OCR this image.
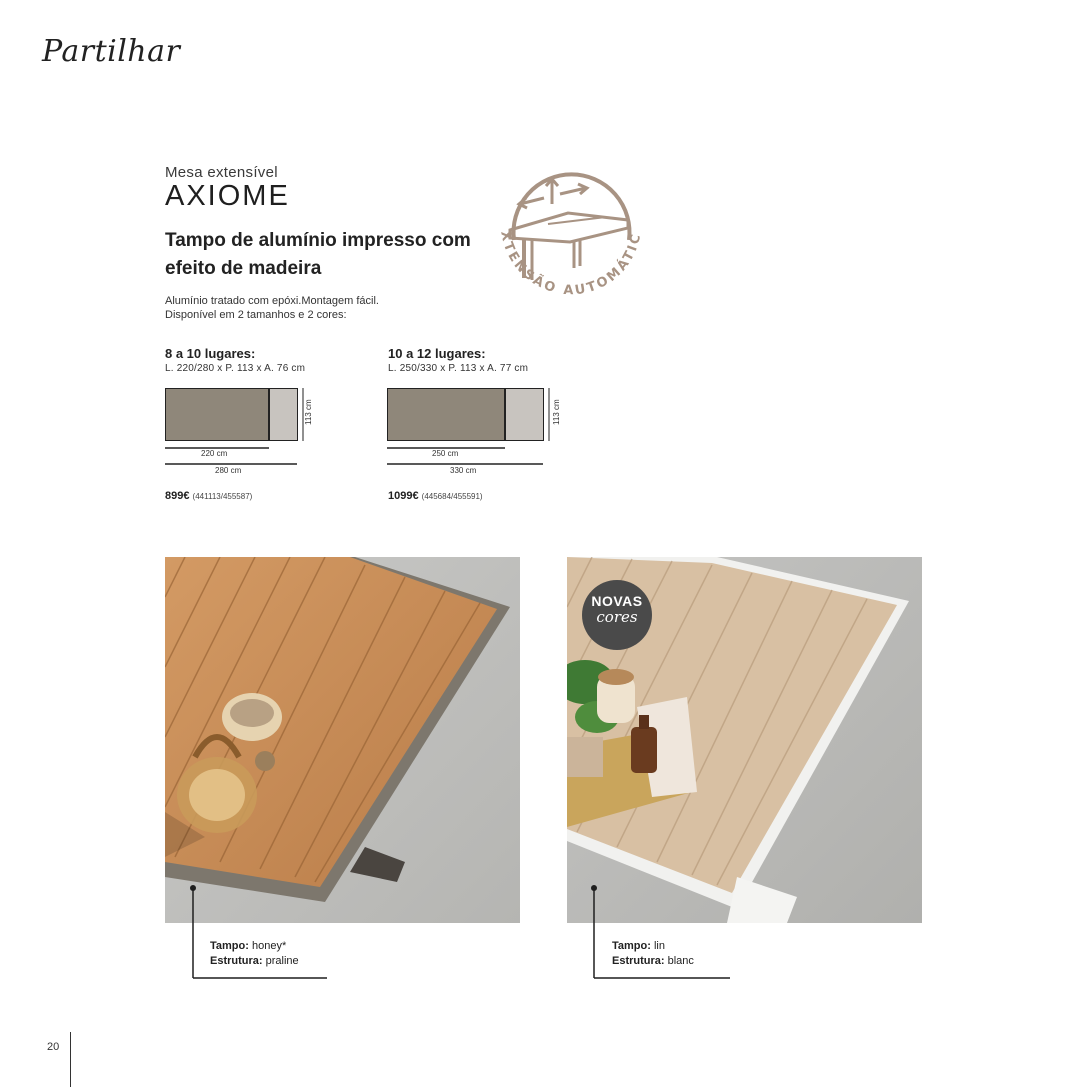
Partilhar
Mesa extensível
AXIOME
Tampo de alumínio impresso com efeito de madeira
Alumínio tratado com epóxi.Montagem fácil.
Disponível em 2 tamanhos e 2 cores:
XTENSÃO AUTOMÁTIC
8 a 10 lugares:
L. 220/280 x P. 113 x A. 76 cm
113 cm
220 cm
280 cm
899€ (441113/455587)
10 a 12 lugares:
L. 250/330 x P. 113 x A. 77 cm
113 cm
250 cm
330 cm
1099€ (445684/455591)
NOVAS
cores
Tampo: honey*
Estrutura: praline
Tampo: lin
Estrutura: blanc
20
